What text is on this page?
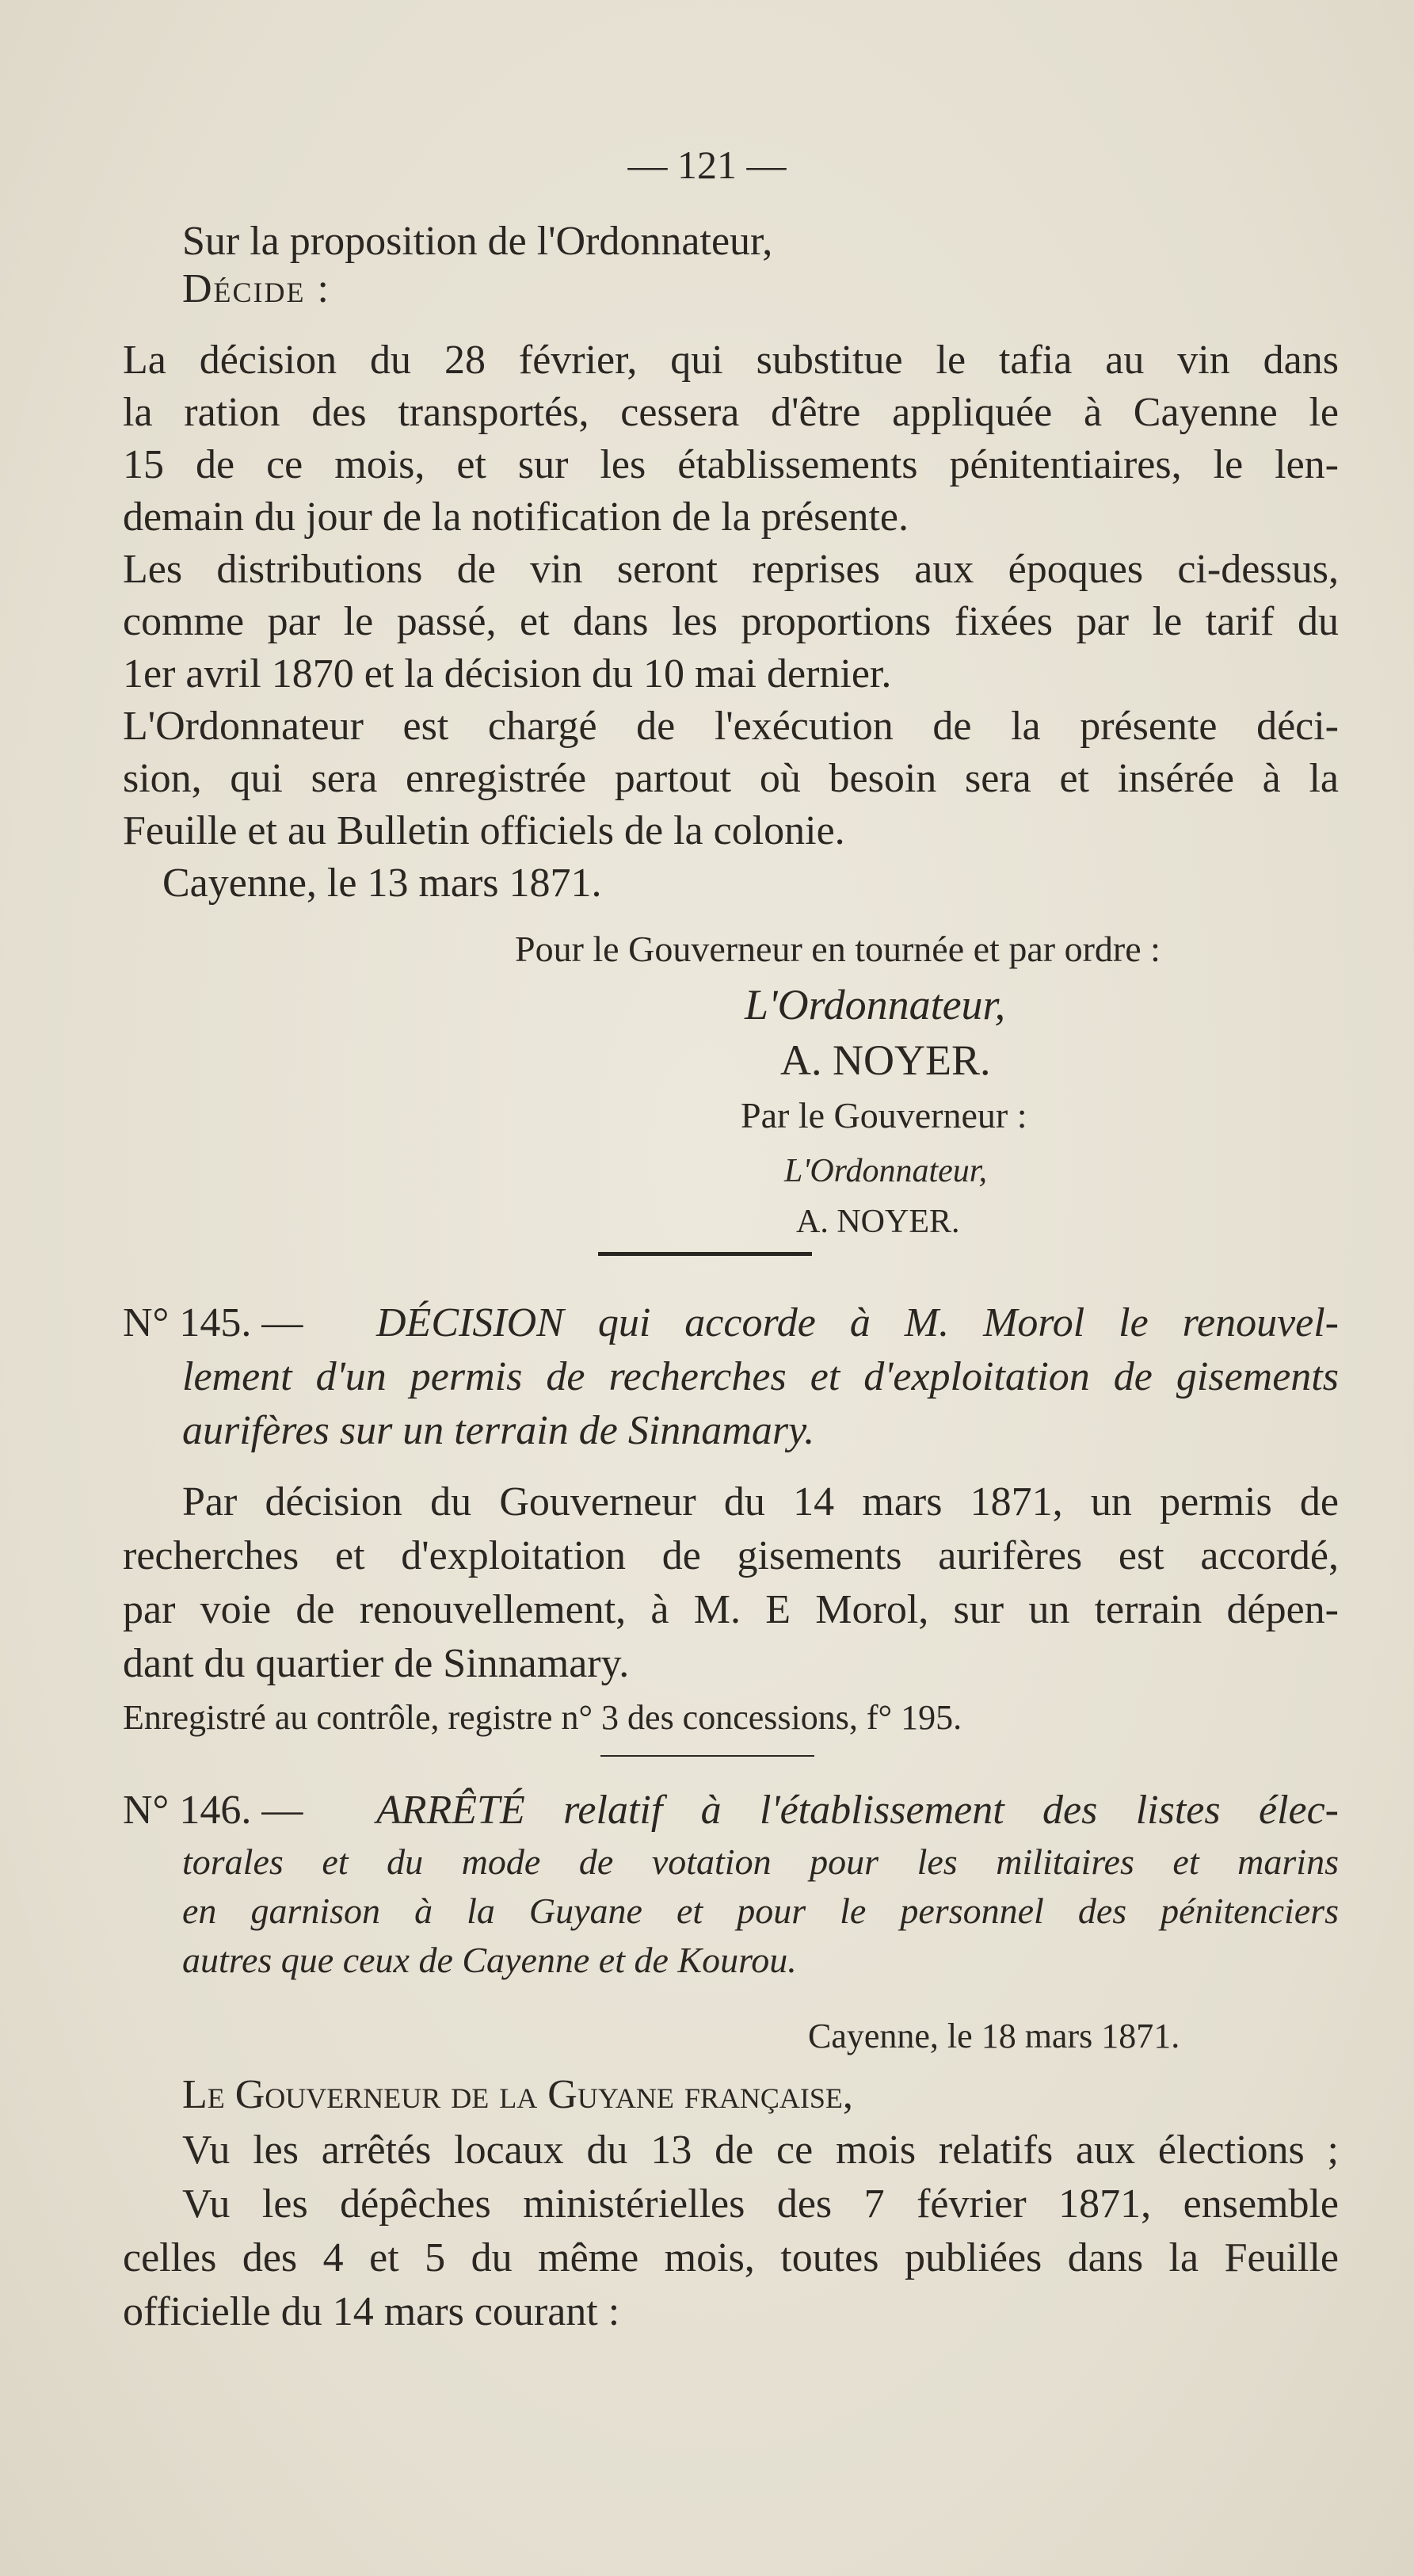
— 121 —
Sur la proposition de l'Ordonnateur,
Décide :
La décision du 28 février, qui substitue le tafia au vin dans
la ration des transportés, cessera d'être appliquée à Cayenne le
15 de ce mois, et sur les établissements pénitentiaires, le len-
demain du jour de la notification de la présente.
Les distributions de vin seront reprises aux époques ci-dessus,
comme par le passé, et dans les proportions fixées par le tarif du
1er avril 1870 et la décision du 10 mai dernier.
L'Ordonnateur est chargé de l'exécution de la présente déci-
sion, qui sera enregistrée partout où besoin sera et insérée à la
Feuille et au Bulletin officiels de la colonie.
Cayenne, le 13 mars 1871.
Pour le Gouverneur en tournée et par ordre :
L'Ordonnateur,
A. NOYER.
Par le Gouverneur :
L'Ordonnateur,
A. NOYER.
N° 145. — DÉCISION qui accorde à M. Morol le renouvel-
lement d'un permis de recherches et d'exploitation de gisements
aurifères sur un terrain de Sinnamary.
Par décision du Gouverneur du 14 mars 1871, un permis de
recherches et d'exploitation de gisements aurifères est accordé,
par voie de renouvellement, à M. E Morol, sur un terrain dépen-
dant du quartier de Sinnamary.
Enregistré au contrôle, registre n° 3 des concessions, f° 195.
N° 146. — ARRÊTÉ relatif à l'établissement des listes élec-
torales et du mode de votation pour les militaires et marins
en garnison à la Guyane et pour le personnel des pénitenciers
autres que ceux de Cayenne et de Kourou.
Cayenne, le 18 mars 1871.
Le Gouverneur de la Guyane française,
Vu les arrêtés locaux du 13 de ce mois relatifs aux élections ;
Vu les dépêches ministérielles des 7 février 1871, ensemble
celles des 4 et 5 du même mois, toutes publiées dans la Feuille
officielle du 14 mars courant :
